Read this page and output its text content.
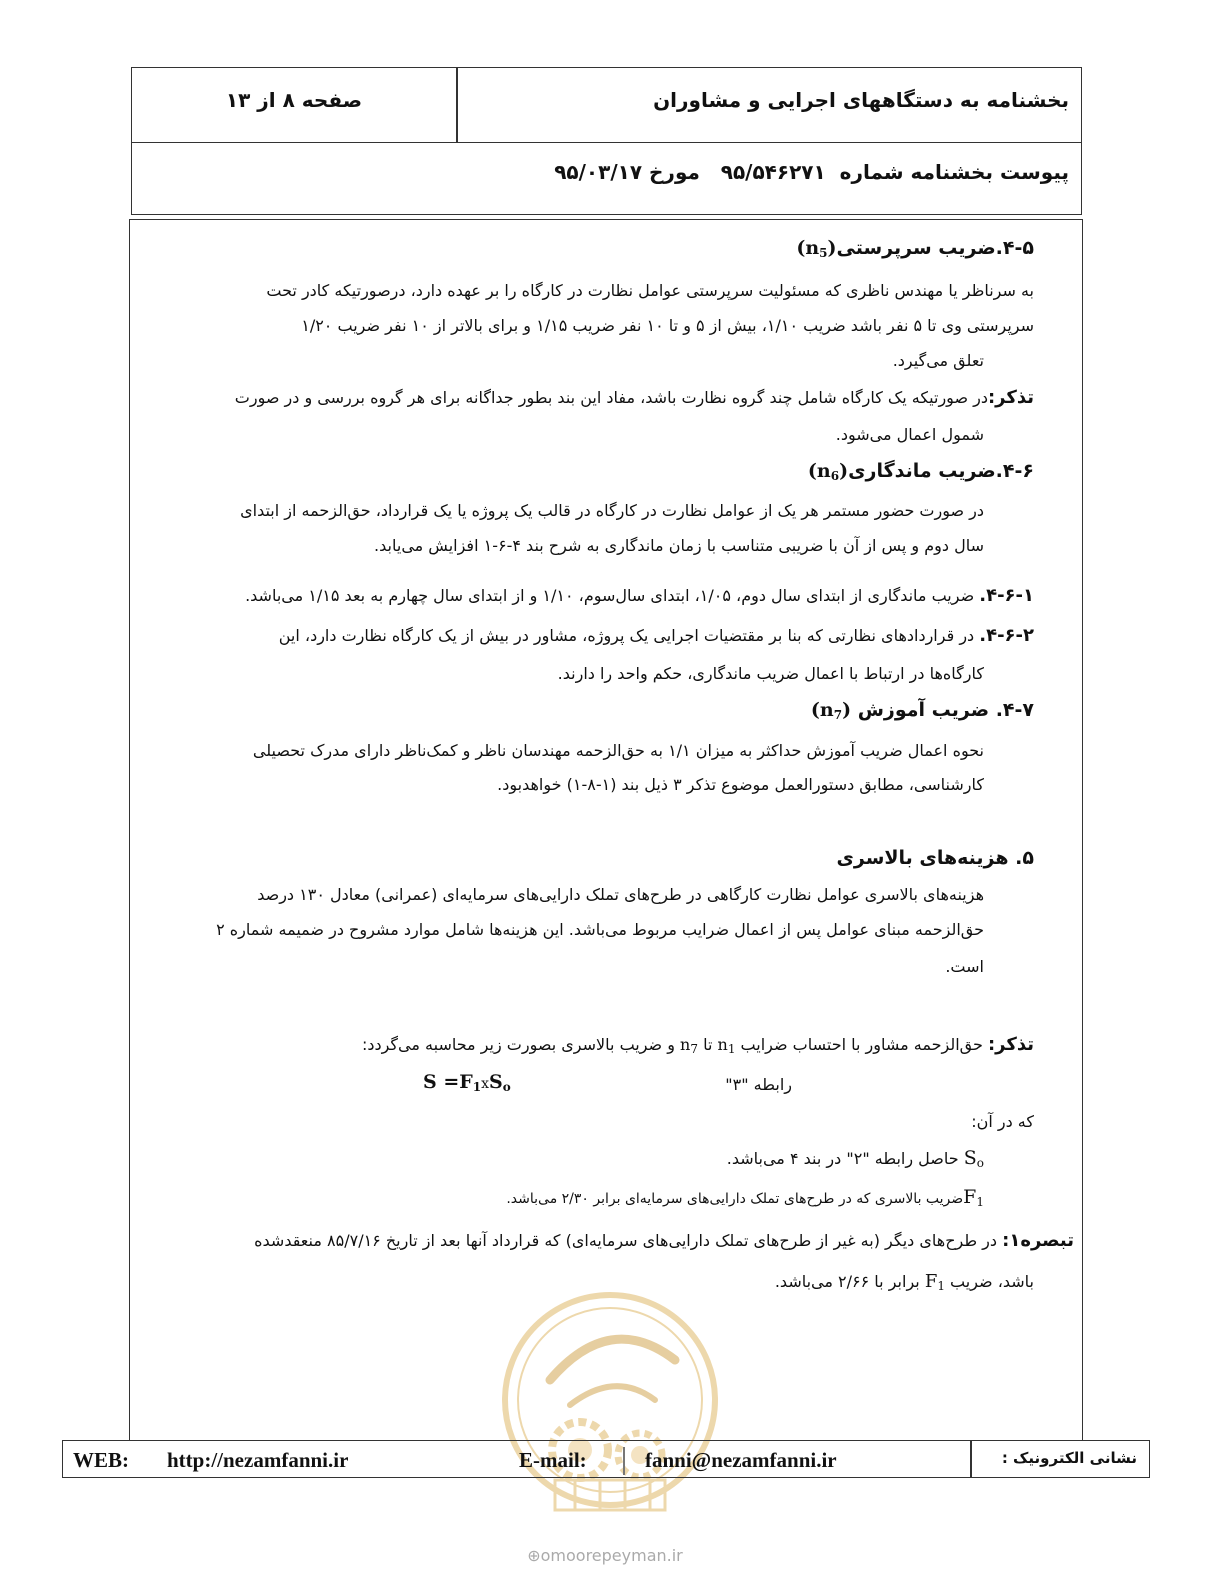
بخشنامه به دستگاههای اجرایی و مشاوران
صفحه ۸ از ۱۳
پیوست بخشنامه شماره  ۹۵/۵۴۶۲۷۱   مورخ ۹۵/۰۳/۱۷
۴-۵.ضریب $سرپرستی(n_5)$
به سرناظر یا مهندس ناظری که مسئولیت سرپرستی عوامل نظارت در کارگاه را بر عهده دارد، درصورتیکه کادر تحت
سرپرستی وی تا ۵ نفر باشد ضریب ۱/۱۰، بیش از ۵ و تا ۱۰ نفر ضریب ۱/۱۵ و برای بالاتر از ۱۰ نفر ضریب ۱/۲۰
تعلق می‌گیرد.
تذکر:در صورتیکه یک کارگاه شامل چند گروه نظارت باشد، مفاد این بند بطور جداگانه برای هر گروه بررسی و در صورت
شمول اعمال می‌شود.
۴-۶.ضریب $ماندگاری(n_6)$
در صورت حضور مستمر هر یک از عوامل نظارت در کارگاه در قالب یک پروژه یا یک قرارداد، حق‌الزحمه از ابتدای
سال دوم و پس از آن با ضریبی متناسب با زمان ماندگاری به شرح بند ۴-۶-۱ افزایش می‌یابد.
۴-۶-۱. ضریب ماندگاری از ابتدای سال دوم، ۱/۰۵، ابتدای سال‌سوم، ۱/۱۰ و از ابتدای سال چهارم به بعد ۱/۱۵ می‌باشد.
۴-۶-۲. در قراردادهای نظارتی که بنا بر مقتضیات اجرایی یک پروژه، مشاور در بیش از یک کارگاه نظارت دارد، این
کارگاه‌ها در ارتباط با اعمال ضریب ماندگاری، حکم واحد را دارند.
۴-۷. ضریب آموزش $(n_7)$
نحوه اعمال ضریب آموزش حداکثر به میزان ۱/۱ به حق‌الزحمه مهندسان ناظر و کمک‌ناظر دارای مدرک تحصیلی
کارشناسی، مطابق دستورالعمل موضوع تذکر ۳ ذیل بند (۱-۸-۱) خواهدبود.
۵. هزینه‌های بالاسری
هزینه‌های بالاسری عوامل نظارت کارگاهی در طرح‌های تملک دارایی‌های سرمایه‌ای (عمرانی) معادل ۱۳۰ درصد
حق‌الزحمه مبنای عوامل پس از اعمال ضرایب مربوط می‌باشد. این هزینه‌ها شامل موارد مشروح در ضمیمه شماره ۲
است.
تذکر: حق‌الزحمه مشاور با احتساب ضرایب $n_1$ تا $n_7$ و ضریب بالاسری بصورت زیر محاسبه می‌گردد:
رابطه "۳"
$S =F_1xS_o$
که در آن:
$S_o$ حاصل رابطه "۲" در بند ۴ می‌باشد.
$F_1ضریب$ بالاسری که در طرح‌های تملک دارایی‌های سرمایه‌ای برابر ۲/۳۰ می‌باشد.
تبصره۱: در طرح‌های دیگر (به غیر از طرح‌های تملک دارایی‌های سرمایه‌ای) که قرارداد آنها بعد از تاریخ ۸۵/۷/۱۶ منعقدشده
باشد، ضریب $F_1$ برابر با ۲/۶۶ می‌باشد.
WEB: http://nezamfanni.ir	E-mail:	fanni@nezamfanni.ir	نشانی الکترونیک :
⊕omoorepeyman.ir
